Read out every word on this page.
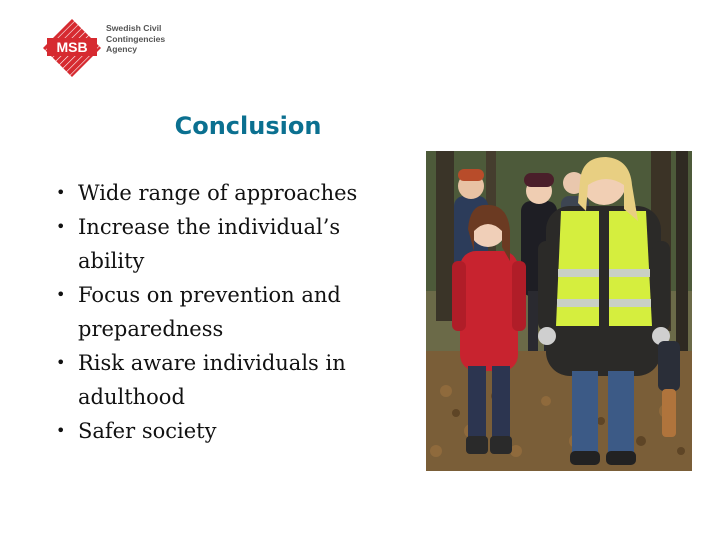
MSB
Swedish Civil
Contingencies
Agency
Conclusion
• Wide range of approaches
• Increase the individual’s
ability
• Focus on prevention and
preparedness
• Risk aware individuals in
adulthood
• Safer society
